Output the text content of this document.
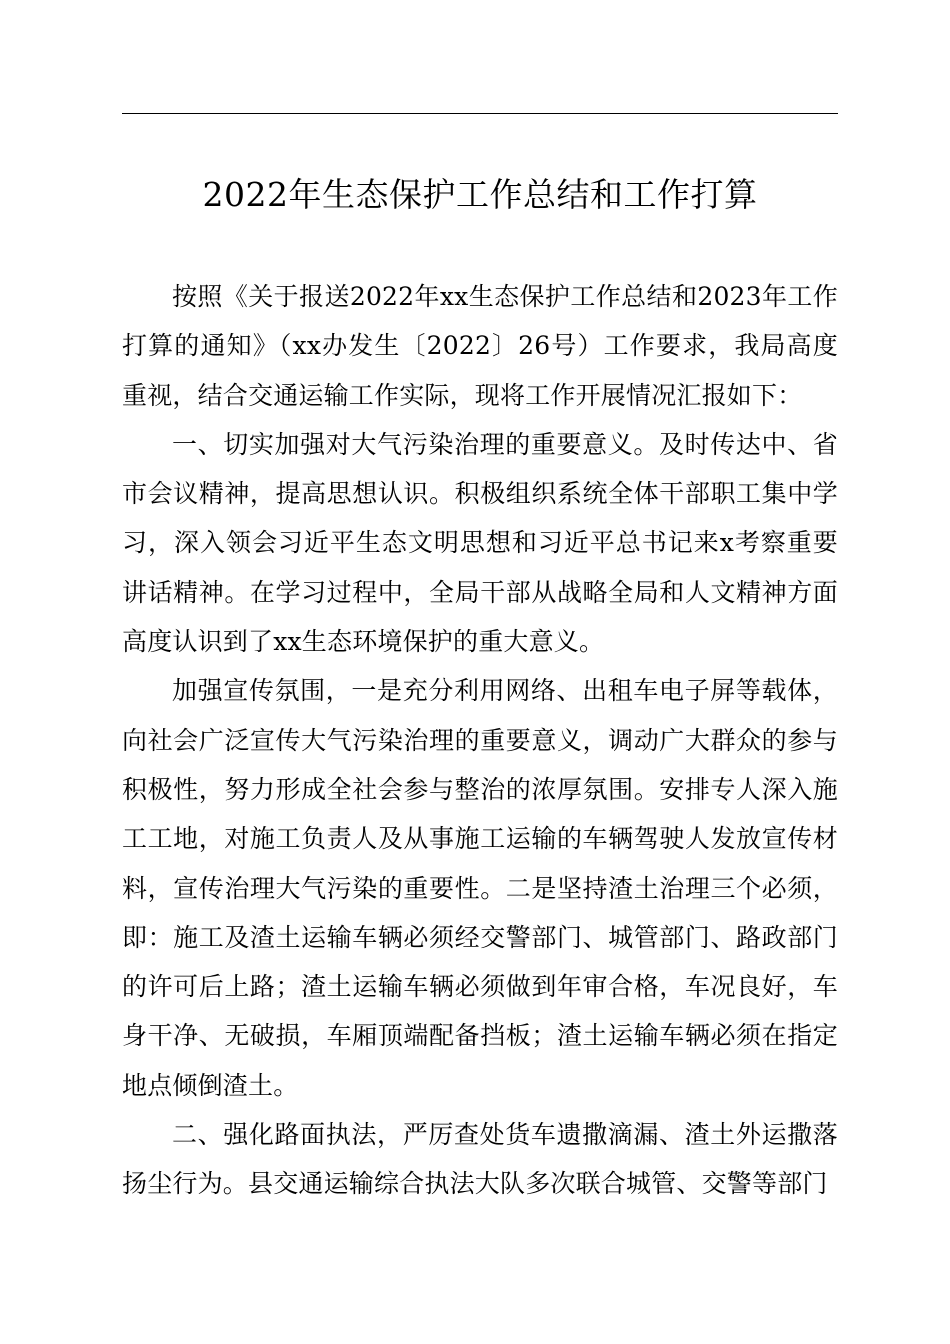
2022年生态保护工作总结和工作打算

按照《关于报送2022年xx生态保护工作总结和2023年工作打算的通知》（xx办发生〔2022〕26号）工作要求，我局高度重视，结合交通运输工作实际，现将工作开展情况汇报如下：

一、切实加强对大气污染治理的重要意义。及时传达中、省市会议精神，提高思想认识。积极组织系统全体干部职工集中学习，深入领会习近平生态文明思想和习近平总书记来x考察重要讲话精神。在学习过程中，全局干部从战略全局和人文精神方面高度认识到了xx生态环境保护的重大意义。

加强宣传氛围，一是充分利用网络、出租车电子屏等载体，向社会广泛宣传大气污染治理的重要意义，调动广大群众的参与积极性，努力形成全社会参与整治的浓厚氛围。安排专人深入施工工地，对施工负责人及从事施工运输的车辆驾驶人发放宣传材料，宣传治理大气污染的重要性。二是坚持渣土治理三个必须，即：施工及渣土运输车辆必须经交警部门、城管部门、路政部门的许可后上路；渣土运输车辆必须做到年审合格，车况良好，车身干净、无破损，车厢顶端配备挡板；渣土运输车辆必须在指定地点倾倒渣土。

二、强化路面执法，严厉查处货车遗撒滴漏、渣土外运撒落扬尘行为。县交通运输综合执法大队多次联合城管、交警等部门
